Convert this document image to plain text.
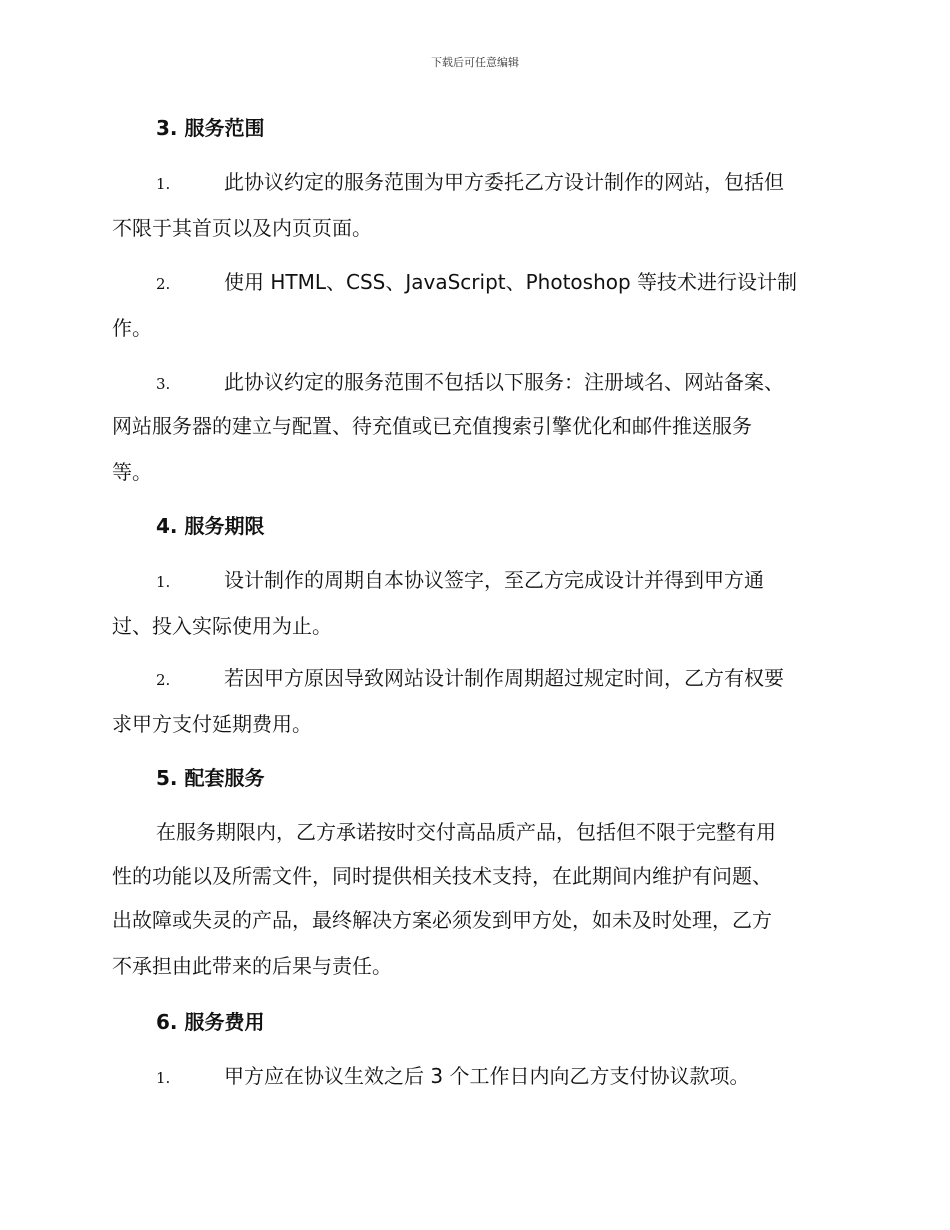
下载后可任意编辑
3. 服务范围
1.	此协议约定的服务范围为甲方委托乙方设计制作的网站，包括但
不限于其首页以及内页页面。
2.	使用 HTML、CSS、JavaScript、Photoshop 等技术进行设计制
作。
3.	此协议约定的服务范围不包括以下服务：注册域名、网站备案、
网站服务器的建立与配置、待充值或已充值搜索引擎优化和邮件推送服务
等。
4. 服务期限
1.	设计制作的周期自本协议签字，至乙方完成设计并得到甲方通
过、投入实际使用为止。
2.	若因甲方原因导致网站设计制作周期超过规定时间，乙方有权要
求甲方支付延期费用。
5. 配套服务
在服务期限内，乙方承诺按时交付高品质产品，包括但不限于完整有用
性的功能以及所需文件，同时提供相关技术支持，在此期间内维护有问题、
出故障或失灵的产品，最终解决方案必须发到甲方处，如未及时处理，乙方
不承担由此带来的后果与责任。
6. 服务费用
1.	甲方应在协议生效之后 3 个工作日内向乙方支付协议款项。
